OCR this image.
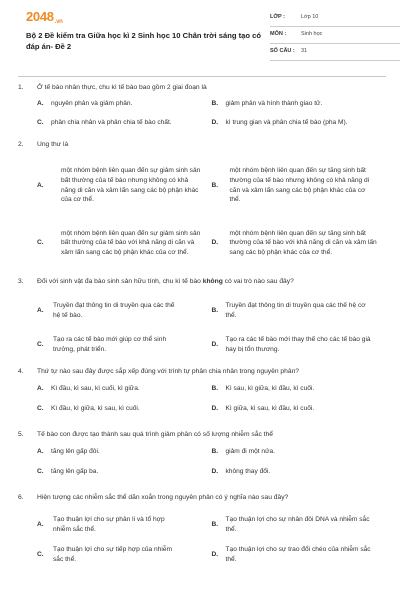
2048.vn
Bộ 2 Đề kiểm tra Giữa học kì 2 Sinh học 10 Chân trời sáng tạo có đáp án- Đề 2
LỚP :	Lớp 10
MÔN :	Sinh học
SỐ CÂU :	31
1.	Ở tế bào nhân thực, chu kì tế bào bao gồm 2 giai đoạn là
A.	nguyên phân và giảm phân.	B.	giảm phân và hình thành giao tử.
C.	phân chia nhân và phân chia tế bào chất.	D.	kì trung gian và phân chia tế bào (pha M).
2.	Ung thư là
A.
một nhóm bệnh liên quan đến sự giảm sinh sản bất thường của tế bào nhưng không có khả năng di căn và xâm lấn sang các bộ phận khác của cơ thể.
B.
một nhóm bệnh liên quan đến sự tăng sinh bất thường của tế bào nhưng không có khả năng di căn và xâm lấn sang các bộ phận khác của cơ thể.
C.
một nhóm bệnh liên quan đến sự giảm sinh sản bất thường của tế bào với khả năng di căn và xâm lấn sang các bộ phận khác của cơ thể.
D.
một nhóm bệnh liên quan đến sự tăng sinh bất thường của tế bào với khả năng di căn và xâm lấn sang các bộ phận khác của cơ thể.
3.	Đối với sinh vật đa bào sinh sản hữu tính, chu kì tế bào không có vai trò nào sau đây?
A.
Truyền đạt thông tin di truyền qua các thế hệ tế bào.
B.
Truyền đạt thông tin di truyền qua các thế hệ cơ thể.
C.
Tạo ra các tế bào mới giúp cơ thể sinh trưởng, phát triển.
D.
Tạo ra các tế bào mới thay thế cho các tế bào già hay bị tổn thương.
4.	Thứ tự nào sau đây được sắp xếp đúng với trình tự phân chia nhân trong nguyên phân?
A.	Kì đầu, kì sau, kì cuối, kì giữa.	B.	Kì sau, kì giữa, kì đầu, kì cuối.
C.	Kì đầu, kì giữa, kì sau, kì cuối.	D.	Kì giữa, kì sau, kì đầu, kì cuối.
5.	Tế bào con được tạo thành sau quá trình giảm phân có số lượng nhiễm sắc thể
A.	tăng lên gấp đôi.	B.	giảm đi một nửa.
C.	tăng lên gấp ba.	D.	không thay đổi.
6.	Hiện tượng các nhiễm sắc thể dãn xoắn trong nguyên phân có ý nghĩa nào sau đây?
A.
Tạo thuận lợi cho sự phân li và tổ hợp nhiễm sắc thể.
B.
Tạo thuận lợi cho sự nhân đôi DNA và nhiễm sắc thể.
C.
Tạo thuận lợi cho sự tiếp hợp của nhiễm sắc thể.
D.
Tạo thuận lợi cho sự trao đổi chéo của nhiễm sắc thể.
